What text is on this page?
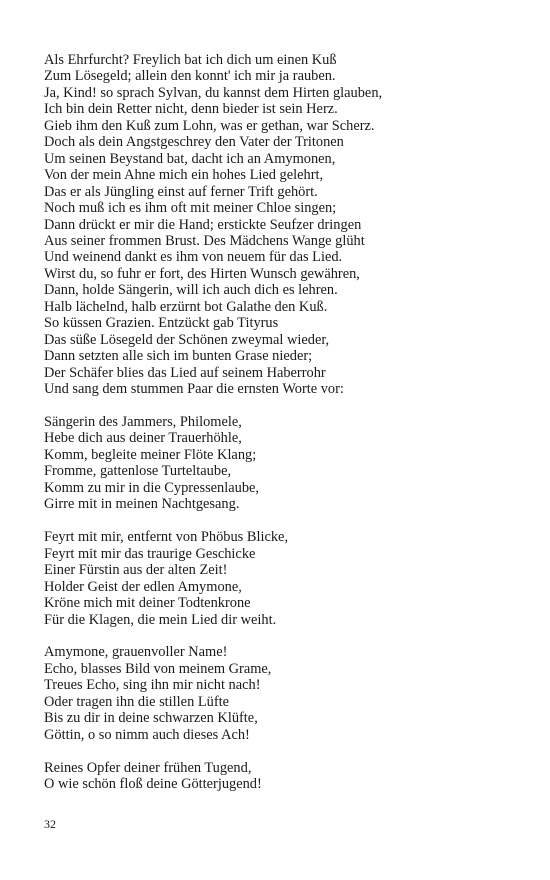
Als Ehrfurcht? Freylich bat ich dich um einen Kuß
Zum Lösegeld; allein den konnt' ich mir ja rauben.
Ja, Kind! so sprach Sylvan, du kannst dem Hirten glauben,
Ich bin dein Retter nicht, denn bieder ist sein Herz.
Gieb ihm den Kuß zum Lohn, was er gethan, war Scherz.
Doch als dein Angstgeschrey den Vater der Tritonen
Um seinen Beystand bat, dacht ich an Amymonen,
Von der mein Ahne mich ein hohes Lied gelehrt,
Das er als Jüngling einst auf ferner Trift gehört.
Noch muß ich es ihm oft mit meiner Chloe singen;
Dann drückt er mir die Hand; erstickte Seufzer dringen
Aus seiner frommen Brust. Des Mädchens Wange glüht
Und weinend dankt es ihm von neuem für das Lied.
Wirst du, so fuhr er fort, des Hirten Wunsch gewähren,
Dann, holde Sängerin, will ich auch dich es lehren.
Halb lächelnd, halb erzürnt bot Galathe den Kuß.
So küssen Grazien. Entzückt gab Tityrus
Das süße Lösegeld der Schönen zweymal wieder,
Dann setzten alle sich im bunten Grase nieder;
Der Schäfer blies das Lied auf seinem Haberrohr
Und sang dem stummen Paar die ernsten Worte vor:
Sängerin des Jammers, Philomele,
Hebe dich aus deiner Trauerhöhle,
Komm, begleite meiner Flöte Klang;
Fromme, gattenlose Turteltaube,
Komm zu mir in die Cypressenlaube,
Girre mit in meinen Nachtgesang.
Feyrt mit mir, entfernt von Phöbus Blicke,
Feyrt mit mir das traurige Geschicke
Einer Fürstin aus der alten Zeit!
Holder Geist der edlen Amymone,
Kröne mich mit deiner Todtenkrone
Für die Klagen, die mein Lied dir weiht.
Amymone, grauenvoller Name!
Echo, blasses Bild von meinem Grame,
Treues Echo, sing ihn mir nicht nach!
Oder tragen ihn die stillen Lüfte
Bis zu dir in deine schwarzen Klüfte,
Göttin, o so nimm auch dieses Ach!
Reines Opfer deiner frühen Tugend,
O wie schön floß deine Götterjugend!
32
